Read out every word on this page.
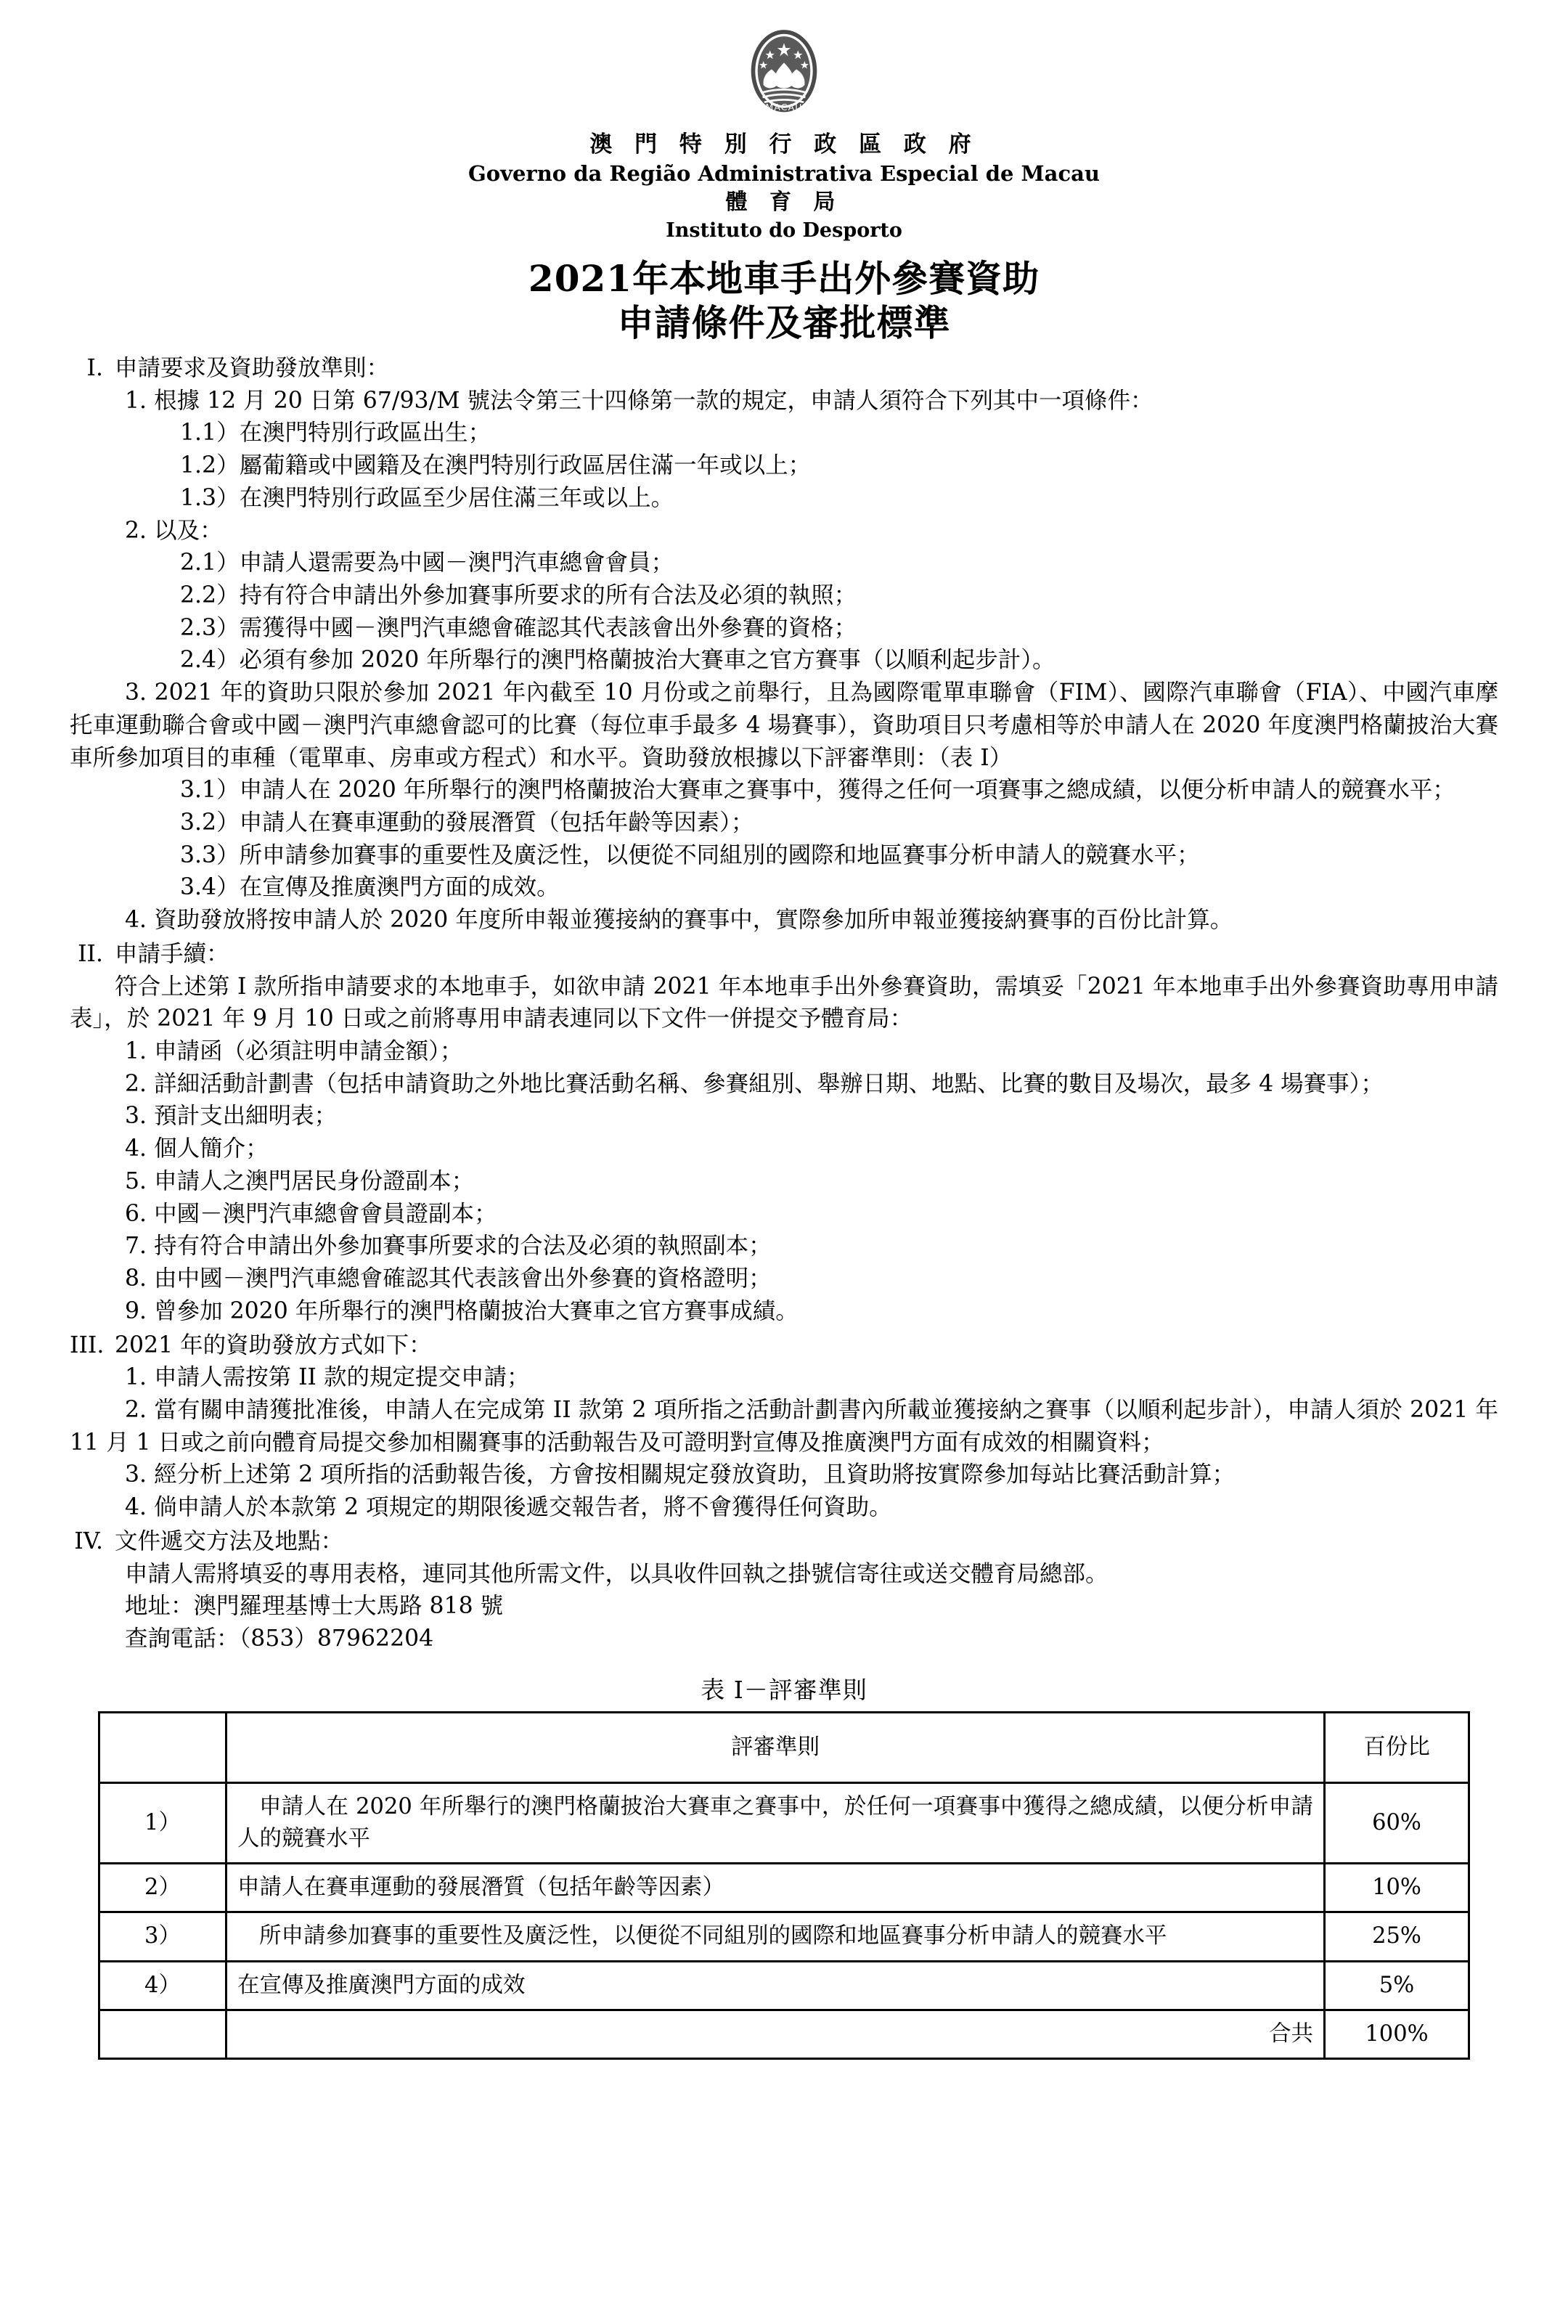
MACAU
澳 門 特 別 行 政 區 政 府
Governo da Região Administrativa Especial de Macau
體 育 局
Instituto do Desporto
2021年本地車手出外參賽資助
申請條件及審批標準
I. 申請要求及資助發放準則：
1. 根據 12 月 20 日第 67/93/M 號法令第三十四條第一款的規定，申請人須符合下列其中一項條件：
1.1）在澳門特別行政區出生；
1.2）屬葡籍或中國籍及在澳門特別行政區居住滿一年或以上；
1.3）在澳門特別行政區至少居住滿三年或以上。
2. 以及：
2.1）申請人還需要為中國－澳門汽車總會會員；
2.2）持有符合申請出外參加賽事所要求的所有合法及必須的執照；
2.3）需獲得中國－澳門汽車總會確認其代表該會出外參賽的資格；
2.4）必須有參加 2020 年所舉行的澳門格蘭披治大賽車之官方賽事（以順利起步計）。
3. 2021 年的資助只限於參加 2021 年內截至 10 月份或之前舉行，且為國際電單車聯會（FIM）、國際汽車聯會（FIA）、中國汽車摩托車運動聯合會或中國－澳門汽車總會認可的比賽（每位車手最多 4 場賽事），資助項目只考慮相等於申請人在 2020 年度澳門格蘭披治大賽車所參加項目的車種（電單車、房車或方程式）和水平。資助發放根據以下評審準則：（表 I）
3.1）申請人在 2020 年所舉行的澳門格蘭披治大賽車之賽事中，獲得之任何一項賽事之總成績，以便分析申請人的競賽水平；
3.2）申請人在賽車運動的發展潛質（包括年齡等因素）；
3.3）所申請參加賽事的重要性及廣泛性，以便從不同組別的國際和地區賽事分析申請人的競賽水平；
3.4）在宣傳及推廣澳門方面的成效。
4. 資助發放將按申請人於 2020 年度所申報並獲接納的賽事中，實際參加所申報並獲接納賽事的百份比計算。
II. 申請手續：
符合上述第 I 款所指申請要求的本地車手，如欲申請 2021 年本地車手出外參賽資助，需填妥「2021 年本地車手出外參賽資助專用申請表」，於 2021 年 9 月 10 日或之前將專用申請表連同以下文件一併提交予體育局：
1. 申請函（必須註明申請金額）；
2. 詳細活動計劃書（包括申請資助之外地比賽活動名稱、參賽組別、舉辦日期、地點、比賽的數目及場次，最多 4 場賽事）；
3. 預計支出細明表；
4. 個人簡介；
5. 申請人之澳門居民身份證副本；
6. 中國－澳門汽車總會會員證副本；
7. 持有符合申請出外參加賽事所要求的合法及必須的執照副本；
8. 由中國－澳門汽車總會確認其代表該會出外參賽的資格證明；
9. 曾參加 2020 年所舉行的澳門格蘭披治大賽車之官方賽事成績。
III. 2021 年的資助發放方式如下：
1. 申請人需按第 II 款的規定提交申請；
2. 當有關申請獲批准後，申請人在完成第 II 款第 2 項所指之活動計劃書內所載並獲接納之賽事（以順利起步計），申請人須於 2021 年 11 月 1 日或之前向體育局提交參加相關賽事的活動報告及可證明對宣傳及推廣澳門方面有成效的相關資料；
3. 經分析上述第 2 項所指的活動報告後，方會按相關規定發放資助，且資助將按實際參加每站比賽活動計算；
4. 倘申請人於本款第 2 項規定的期限後遞交報告者，將不會獲得任何資助。
IV. 文件遞交方法及地點：
申請人需將填妥的專用表格，連同其他所需文件，以具收件回執之掛號信寄往或送交體育局總部。
地址：澳門羅理基博士大馬路 818 號
查詢電話：（853）87962204
表 I－評審準則
	評審準則	百份比
1）	申請人在 2020 年所舉行的澳門格蘭披治大賽車之賽事中，於任何一項賽事中獲得之總成績，以便分析申請人的競賽水平	60%
2）	申請人在賽車運動的發展潛質（包括年齡等因素）	10%
3）	所申請參加賽事的重要性及廣泛性，以便從不同組別的國際和地區賽事分析申請人的競賽水平	25%
4）	在宣傳及推廣澳門方面的成效	5%
	合共	100%
